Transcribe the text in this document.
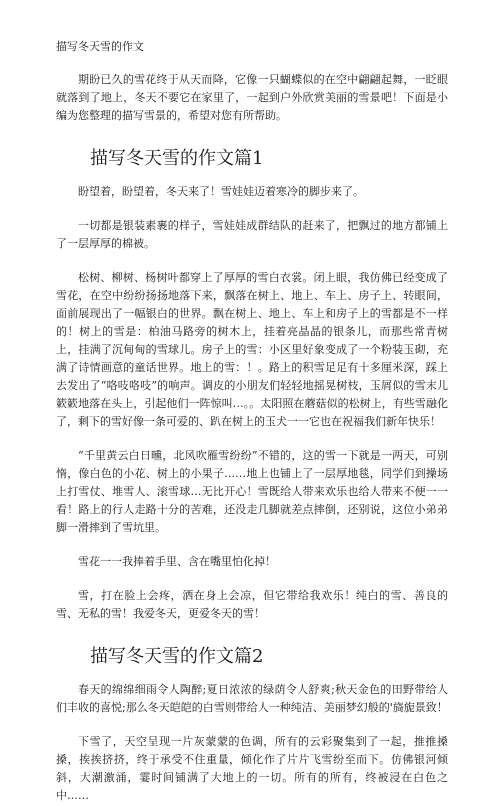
描写冬天雪的作文

期盼已久的雪花终于从天而降，它像一只蝴蝶似的在空中翩翩起舞，一眨眼就落到了地上，冬天不要它在家里了，一起到户外欣赏美丽的雪景吧！下面是小编为您整理的描写雪景的，希望对您有所帮助。

描写冬天雪的作文篇1

盼望着，盼望着，冬天来了！雪娃娃迈着寒冷的脚步来了。

一切都是银装素裹的样子，雪娃娃成群结队的赶来了，把飘过的地方都铺上了一层厚厚的棉被。

松树、柳树、杨树叶都穿上了厚厚的雪白衣裳。闭上眼，我仿佛已经变成了雪花，在空中纷纷扬扬地落下来，飘落在树上、地上、车上、房子上、转眼间，面前展现出了一幅银白的世界。飘在树上、地上、车上和房子上的雪都是不一样的！树上的雪是：柏油马路旁的树木上，挂着亮晶晶的银条儿，而那些常青树上，挂满了沉甸甸的雪球儿。房子上的雪：小区里好象变成了一个粉装玉砌，充满了诗情画意的童话世界。地上的雪：！。路上的积雪足足有十多厘米深，踩上去发出了“咯吱咯吱”的响声。调皮的小朋友们轻轻地摇晃树枝，玉屑似的雪末儿簌簌地落在头上，引起他们一阵惊叫…。。太阳照在蘑菇似的松树上，有些雪融化了，剩下的雪好像一条可爱的、趴在树上的玉犬一一它也在祝福我们新年快乐！

“千里黄云白日曛，北风吹雁雪纷纷”不错的，这的雪一下就是一两天，可别惰，像白色的小花、树上的小果子……地上也铺上了一层厚地毯，同学们到操场上打雪仗、堆雪人、滚雪球…无比开心！雪既给人带来欢乐也给人带来不便一一看！路上的行人走路十分的苦难，还没走几脚就差点摔倒，还别说，这位小弟弟脚一滑摔到了雪坑里。

雪花一一我捧着手里、含在嘴里怕化掉！

雪，打在脸上会疼，洒在身上会凉，但它带给我欢乐！纯白的雪、善良的雪、无私的雪！我爱冬天，更爱冬天的雪！

描写冬天雪的作文篇2

春天的绵绵细雨令人陶醉;夏日浓浓的绿荫令人舒爽;秋天金色的田野带给人们丰收的喜悦;那么冬天皑皑的白雪则带给人一种纯洁、美丽梦幻般的'旖旎景致！

下雪了，天空呈现一片灰蒙蒙的色调，所有的云彩聚集到了一起，推推搡搡，挨挨挤挤，终于承受不住重量，倾化作了片片飞雪纷至而下。仿佛银河倾斜，大潮激涌，霎时间铺满了大地上的一切。所有的所有，终被浸在白色之 中……
